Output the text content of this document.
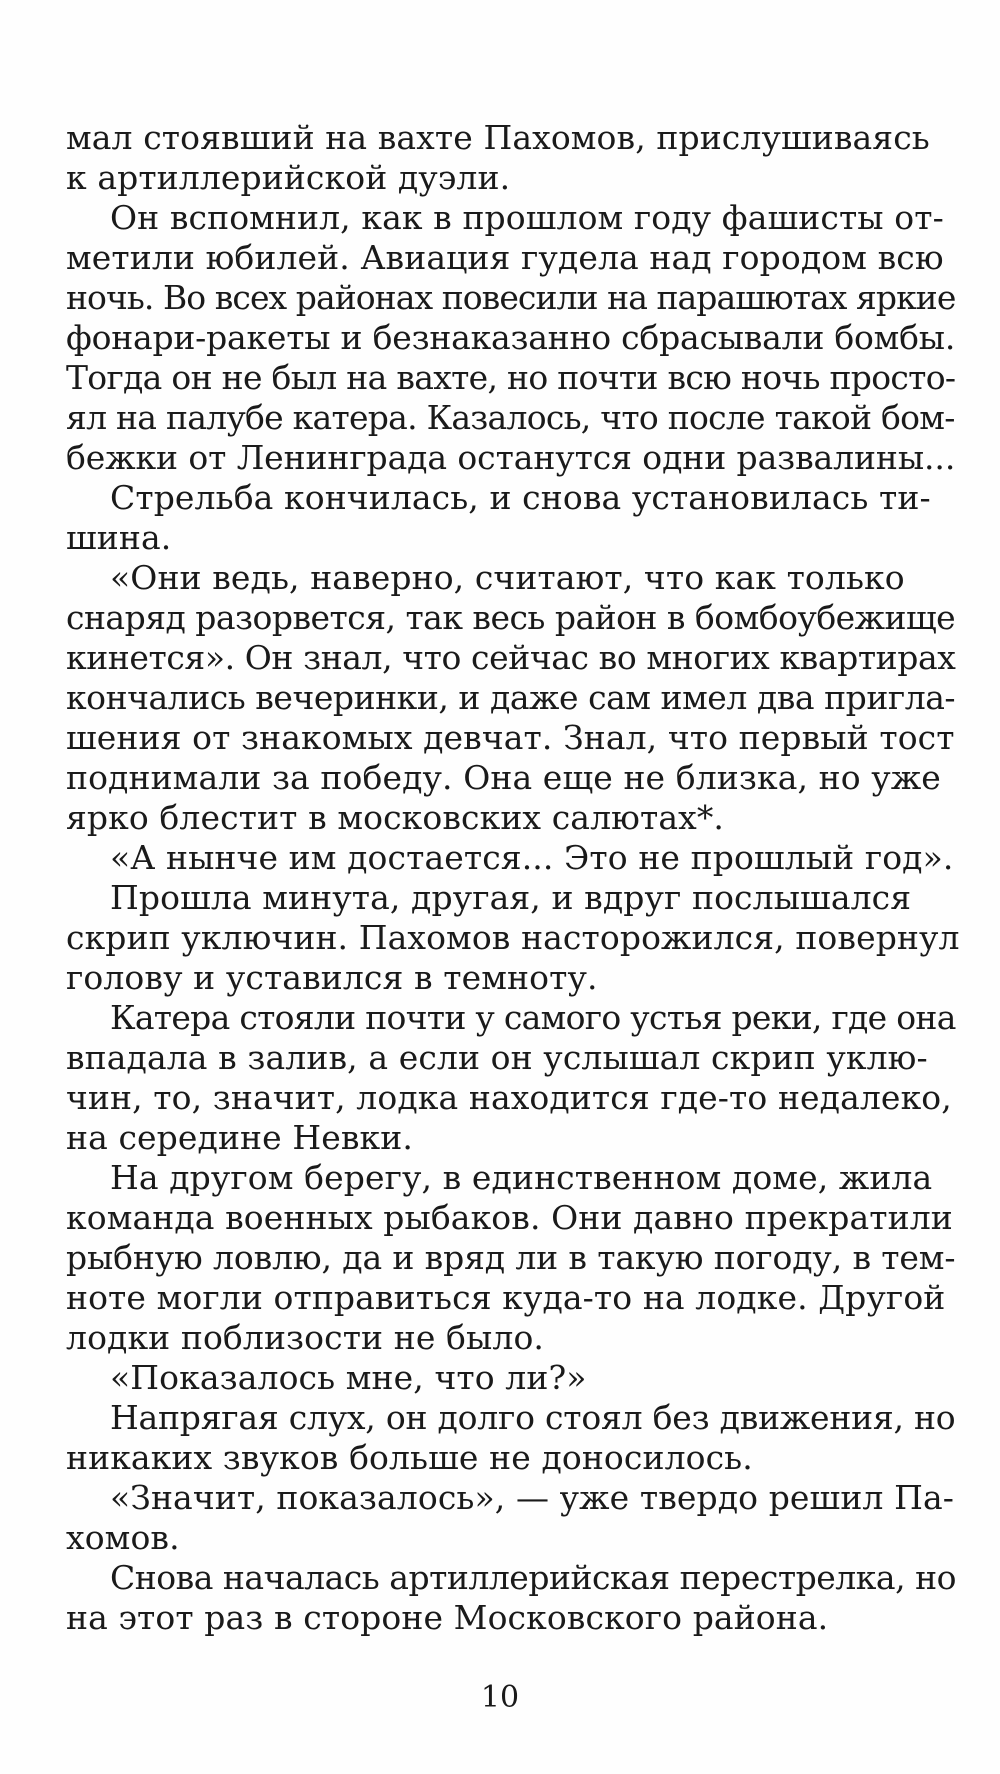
мал стоявший на вахте Пахомов, прислушиваясь
к артиллерийской дуэли.
Он вспомнил, как в прошлом году фашисты от-
метили юбилей. Авиация гудела над городом всю
ночь. Во всех районах повесили на парашютах яркие
фонари-ракеты и безнаказанно сбрасывали бомбы.
Тогда он не был на вахте, но почти всю ночь просто-
ял на палубе катера. Казалось, что после такой бом-
бежки от Ленинграда останутся одни развалины...
Стрельба кончилась, и снова установилась ти-
шина.
«Они ведь, наверно, считают, что как только
снаряд разорвется, так весь район в бомбоубежище
кинется». Он знал, что сейчас во многих квартирах
кончались вечеринки, и даже сам имел два пригла-
шения от знакомых девчат. Знал, что первый тост
поднимали за победу. Она еще не близка, но уже
ярко блестит в московских салютах*.
«А нынче им достается... Это не прошлый год».
Прошла минута, другая, и вдруг послышался
скрип уключин. Пахомов насторожился, повернул
голову и уставился в темноту.
Катера стояли почти у самого устья реки, где она
впадала в залив, а если он услышал скрип уклю-
чин, то, значит, лодка находится где-то недалеко,
на середине Невки.
На другом берегу, в единственном доме, жила
команда военных рыбаков. Они давно прекратили
рыбную ловлю, да и вряд ли в такую погоду, в тем-
ноте могли отправиться куда-то на лодке. Другой
лодки поблизости не было.
«Показалось мне, что ли?»
Напрягая слух, он долго стоял без движения, но
никаких звуков больше не доносилось.
«Значит, показалось», — уже твердо решил Па-
хомов.
Снова началась артиллерийская перестрелка, но
на этот раз в стороне Московского района.
10
